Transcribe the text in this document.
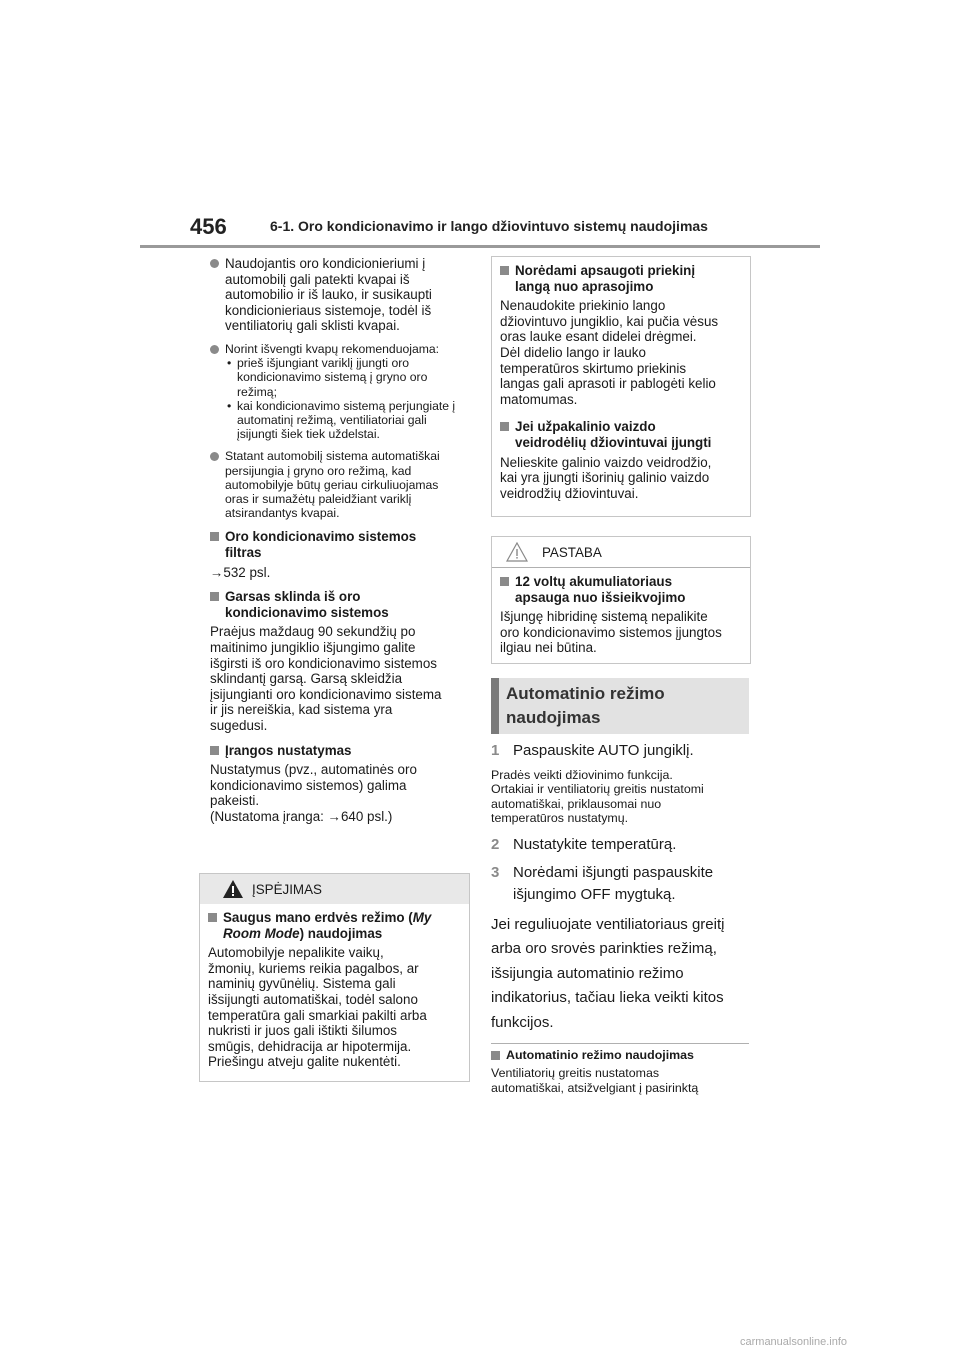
456	6-1. Oro kondicionavimo ir lango džiovintuvo sistemų naudojimas
Naudojantis oro kondicionieriumi į
automobilį gali patekti kvapai iš
automobilio ir iš lauko, ir susikaupti
kondicionieriaus sistemoje, todėl iš
ventiliatorių gali sklisti kvapai.
Norint išvengti kvapų rekomenduojama:
• prieš išjungiant variklį įjungti oro
kondicionavimo sistemą į gryno oro
režimą;
• kai kondicionavimo sistemą perjungiate į
automatinį režimą, ventiliatoriai gali
įsijungti šiek tiek uždelstai.
Statant automobilį sistema automatiškai
persijungia į gryno oro režimą, kad
automobilyje būtų geriau cirkuliuojamas
oras ir sumažėtų paleidžiant variklį
atsirandantys kvapai.
Oro kondicionavimo sistemos
filtras
→532 psl.
Garsas sklinda iš oro
kondicionavimo sistemos
Praėjus maždaug 90 sekundžių po
maitinimo jungiklio išjungimo galite
išgirsti iš oro kondicionavimo sistemos
sklindantį garsą. Garsą skleidžia
įsijungianti oro kondicionavimo sistema
ir jis nereiškia, kad sistema yra
sugedusi.
Įrangos nustatymas
Nustatymus (pvz., automatinės oro
kondicionavimo sistemos) galima
pakeisti.
(Nustatoma įranga: →640 psl.)
ĮSPĖJIMAS
Saugus mano erdvės režimo (My Room Mode) naudojimas
Automobilyje nepalikite vaikų,
žmonių, kuriems reikia pagalbos, ar
naminių gyvūnėlių. Sistema gali
išsijungti automatiškai, todėl salono
temperatūra gali smarkiai pakilti arba
nukristi ir juos gali ištikti šilumos
smūgis, dehidracija ar hipotermija.
Priešingu atveju galite nukentėti.
Norėdami apsaugoti priekinį
langą nuo aprasojimo
Nenaudokite priekinio lango
džiovintuvo jungiklio, kai pučia vėsus
oras lauke esant didelei drėgmei.
Dėl didelio lango ir lauko
temperatūros skirtumo priekinis
langas gali aprasoti ir pablogėti kelio
matomumas.
Jei užpakalinio vaizdo
veidrodėlių džiovintuvai įjungti
Nelieskite galinio vaizdo veidrodžio,
kai yra įjungti išorinių galinio vaizdo
veidrodžių džiovintuvai.
PASTABA
12 voltų akumuliatoriaus
apsauga nuo išsieikvojimo
Išjungę hibridinę sistemą nepalikite
oro kondicionavimo sistemos įjungtos
ilgiau nei būtina.
Automatinio režimo
naudojimas
1 Paspauskite AUTO jungiklį.
Pradės veikti džiovinimo funkcija.
Ortakiai ir ventiliatorių greitis nustatomi
automatiškai, priklausomai nuo
temperatūros nustatymų.
2 Nustatykite temperatūrą.
3 Norėdami išjungti paspauskite
išjungimo OFF mygtuką.
Jei reguliuojate ventiliatoriaus greitį
arba oro srovės parinkties režimą,
išsijungia automatinio režimo
indikatorius, tačiau lieka veikti kitos
funkcijos.
Automatinio režimo naudojimas
Ventiliatorių greitis nustatomas
automatiškai, atsižvelgiant į pasirinktą
carmanualsonline.info
